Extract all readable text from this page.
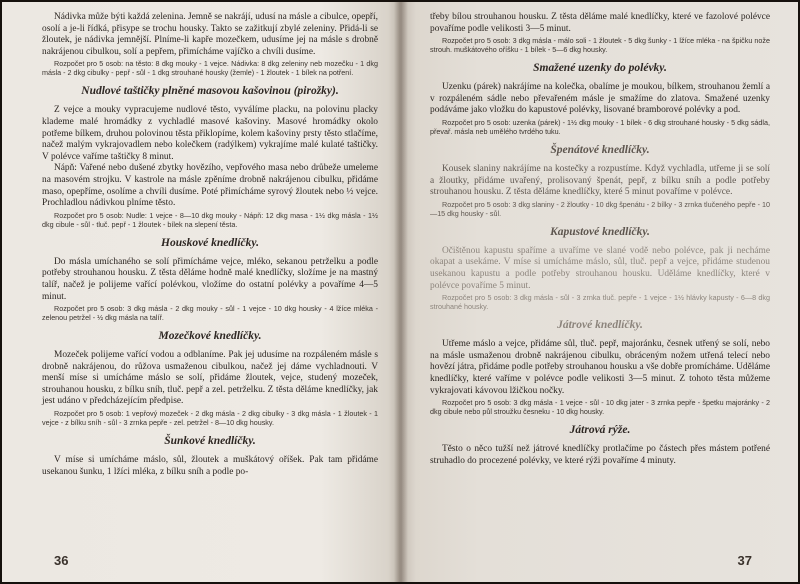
Nádivka může býti každá zelenina. Jemně se nakrájí, udusí na másle a cibulce, opepří, osolí a je-li řídká, přisype se trochu housky. Takto se zažitkují zbylé zeleniny. Přidá-li se žloutek, je nádivka jemnější. Plníme-li kapře mozečkem, udusíme jej na másle s drobně nakrájenou cibulkou, solí a pepřem, přimícháme vajíčko a chvíli dusíme.

Rozpočet pro 5 osob: na těsto: 8 dkg mouky - 1 vejce. Nádivka: 8 dkg zeleniny neb mozečku - 1 dkg másla - 2 dkg cibulky - pepř - sůl - 1 dkg strouhané housky (žemle) - 1 žloutek - 1 bílek na potření.
Nudlové taštičky plněné masovou kašovinou (pirožky).

Z vejce a mouky vypracujeme nudlové těsto, vyválíme placku, na polovinu placky klademe malé hromádky z vychladlé masové kašoviny. Masové hromádky okolo potřeme bílkem, druhou polovinou těsta přiklopíme, kolem kašoviny prsty těsto stlačíme, načež malým vykrajovadlem nebo kolečkem (radýlkem) vykrajíme malé kulaté taštičky. V polévce vaříme taštičky 8 minut.

Nápň: Vařené nebo dušené zbytky hovězího, vepřového masa nebo drůbeže umeleme na masovém strojku. V kastrole na másle zpěníme drobně nakrájenou cibulku, přidáme maso, opepříme, osolíme a chvíli dusíme. Poté přimícháme syrový žloutek nebo ½ vejce. Prochladlou nádivkou plníme těsto.

Rozpočet pro 5 osob: Nudle: 1 vejce - 8—10 dkg mouky - Nápň: 12 dkg masa - 1½ dkg másla - 1½ dkg cibule - sůl - tluč. pepř - 1 žloutek - bílek na slepení těsta.
Houskové knedlíčky.

Do másla umíchaného se solí přimícháme vejce, mléko, sekanou petrželku a podle potřeby strouhanou housku. Z těsta děláme hodně malé knedlíčky, složíme je na mastný talíř, načež je polijeme vařící polévkou, vložíme do ostatní polévky a povaříme 4—5 minut.

Rozpočet pro 5 osob: 3 dkg másla - 2 dkg mouky - sůl - 1 vejce - 10 dkg housky - 4 lžíce mléka - zelenou petržel - ½ dkg másla na talíř.
Mozečkové knedlíčky.

Mozeček polijeme vařící vodou a odblaníme. Pak jej udusíme na rozpáleném másle s drobně nakrájenou, do růžova usmaženou cibulkou, načež jej dáme vychladnouti. V menší míse si umícháme máslo se solí, přidáme žloutek, vejce, studený mozeček, strouhanou housku, z bílku sníh, tluč. pepř a zel. petrželku. Z těsta děláme knedlíčky, jak jest udáno v předcházejícím předpise.

Rozpočet pro 5 osob: 1 vepřový mozeček - 2 dkg másla - 2 dkg cibulky - 3 dkg másla - 1 žloutek - 1 vejce - z bílku sníh - sůl - 3 zrnka pepře - zel. petržel - 8—10 dkg housky.
Šunkové knedlíčky.

V míse si umícháme máslo, sůl, žloutek a muškátový oříšek. Pak tam přidáme usekanou šunku, 1 lžíci mléka, z bílku sníh a podle po-

36

třeby bílou strouhanou housku. Z těsta děláme malé knedlíčky, které ve fazolové polévce povaříme podle velikosti 3—5 minut.

Rozpočet pro 5 osob: 3 dkg másla - málo soli - 1 žloutek - 5 dkg šunky - 1 lžíce mléka - na špičku nože strouh. muškátového oříšku - 1 bílek - 5—6 dkg housky.
Smažené uzenky do polévky.

Uzenku (párek) nakrájíme na kolečka, obalíme je moukou, bílkem, strouhanou žemlí a v rozpáleném sádle nebo převařeném másle je smažíme do zlatova. Smažené uzenky podáváme jako vložku do kapustové polévky, lisované bramborové polévky a pod.

Rozpočet pro 5 osob: uzenka (párek) - 1½ dkg mouky - 1 bílek - 6 dkg strouhané housky - 5 dkg sádla, převař. másla neb umělého tvrdého tuku.
Špenátové knedlíčky.

Kousek slaniny nakrájíme na kostečky a rozpustíme. Když vychladla, utřeme ji se solí a žloutky, přidáme uvařený, prolisovaný špenát, pepř, z bílku sníh a podle potřeby strouhanou housku. Z těsta děláme knedlíčky, které 5 minut povaříme v polévce.

Rozpočet pro 5 osob: 3 dkg slaniny - 2 žloutky - 10 dkg špenátu - 2 bílky - 3 zrnka tlučeného pepře - 10—15 dkg housky - sůl.
Kapustové knedlíčky.

Očištěnou kapustu spaříme a uvaříme ve slané vodě nebo polévce, pak ji necháme okapat a usekáme. V míse si umícháme máslo, sůl, tluč. pepř a vejce, přidáme studenou usekanou kapustu a podle potřeby strouhanou housku. Uděláme knedlíčky, které v polévce povaříme 5 minut.

Rozpočet pro 5 osob: 3 dkg másla - sůl - 3 zrnka tluč. pepře - 1 vejce - 1½ hlávky kapusty - 6—8 dkg strouhané housky.
Játrové knedlíčky.

Utřeme máslo a vejce, přidáme sůl, tluč. pepř, majoránku, česnek utřený se solí, nebo na másle usmaženou drobně nakrájenou cibulku, obráceným nožem utřená telecí nebo hovězí játra, přidáme podle potřeby strouhanou housku a vše dobře promícháme. Uděláme knedlíčky, které vaříme v polévce podle velikosti 3—5 minut. Z tohoto těsta můžeme vykrajovati kávovou lžičkou nočky.

Rozpočet pro 5 osob: 3 dkg másla - 1 vejce - sůl - 10 dkg jater - 3 zrnka pepře - špetku majoránky - 2 dkg cibule nebo půl stroužku česneku - 10 dkg housky.
Játrová rýže.

Těsto o něco tužší než játrové knedlíčky protlačíme po částech přes mástem potřené struhadlo do procezené polévky, ve které rýži povaříme 4 minuty.

37
